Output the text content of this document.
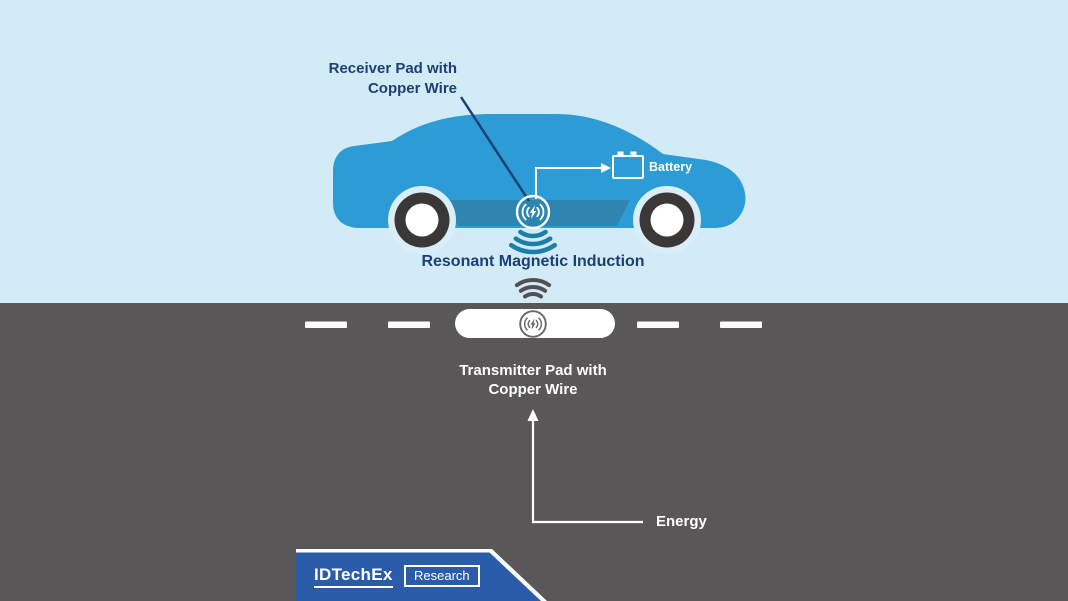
Receiver Pad with
Copper Wire
Battery
Resonant Magnetic Induction
Transmitter Pad with
Copper Wire
Energy
IDTechEx	Research
